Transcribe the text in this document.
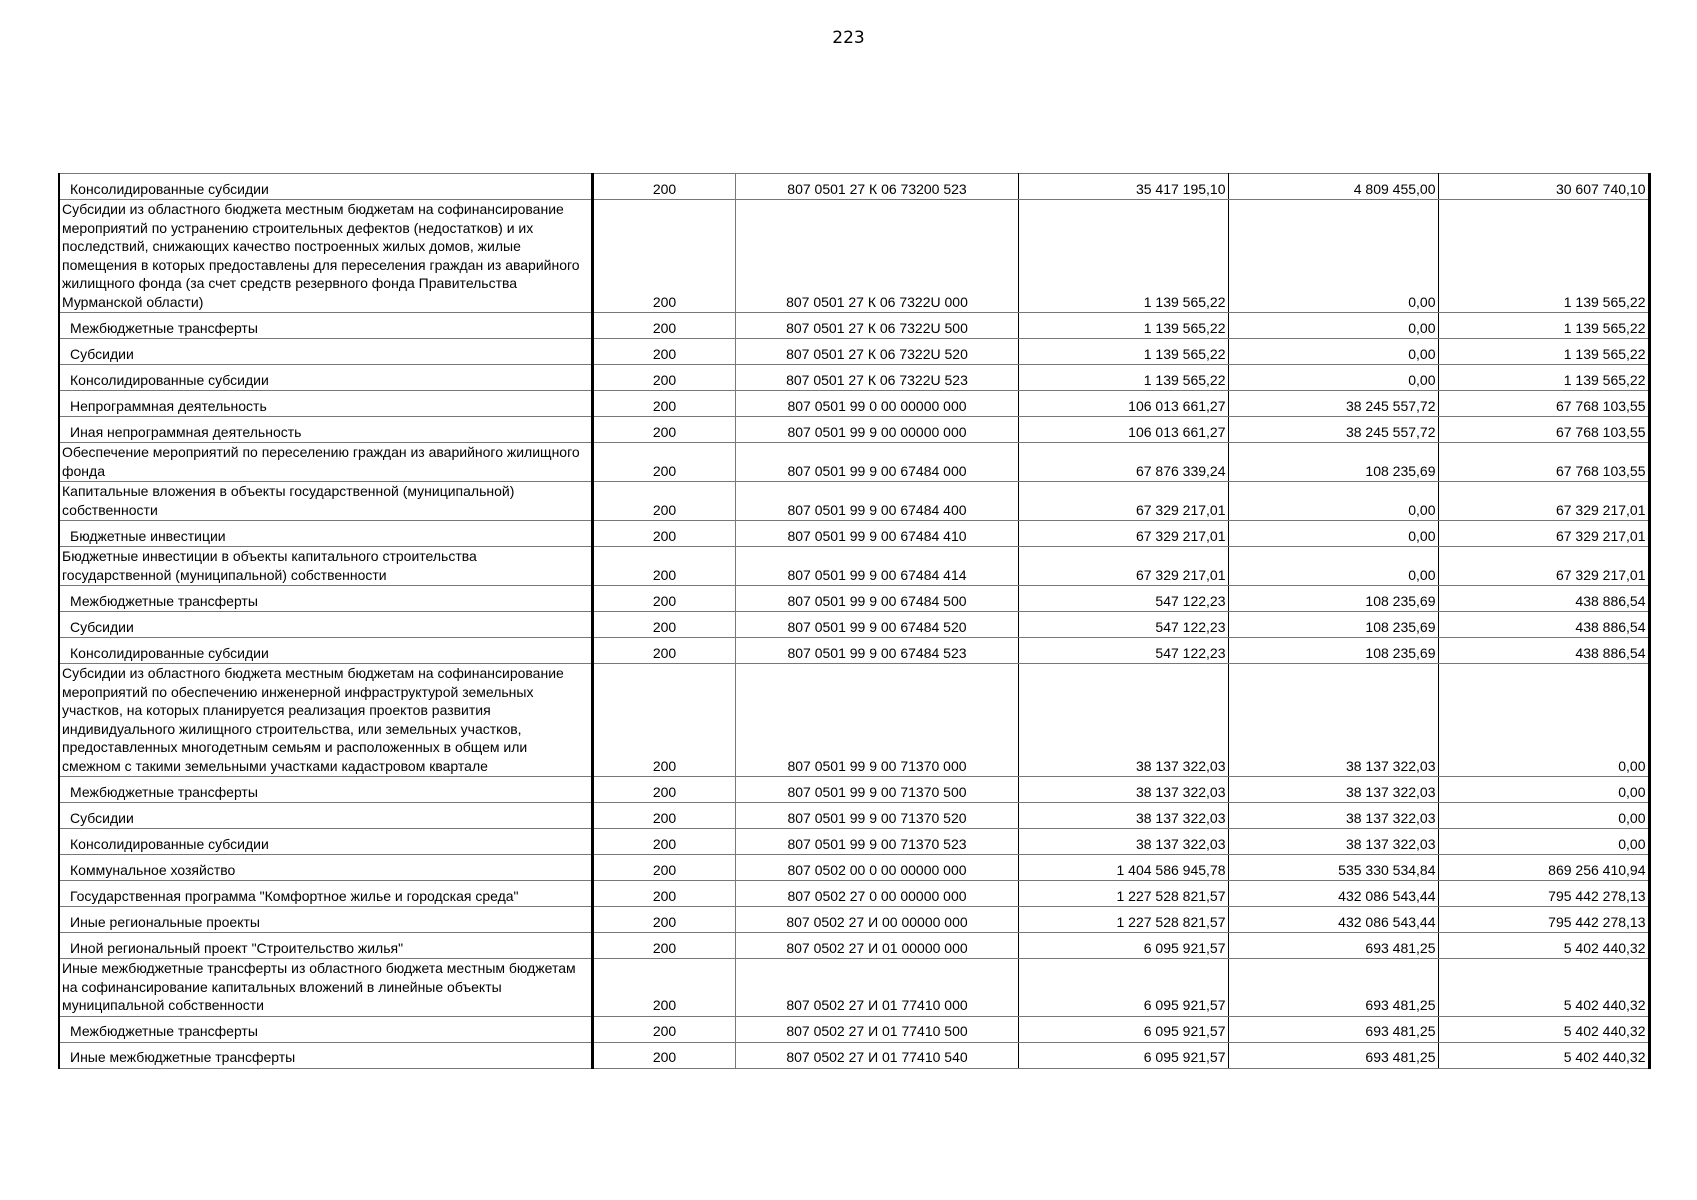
223
Консолидированные субсидии	200	807 0501 27 К 06 73200 523	35 417 195,10	4 809 455,00	30 607 740,10
Субсидии из областного бюджета местным бюджетам на софинансирование мероприятий по устранению строительных дефектов (недостатков) и их последствий, снижающих качество построенных жилых домов, жилые помещения в которых предоставлены для переселения граждан из аварийного жилищного фонда (за счет средств резервного фонда Правительства Мурманской области)	200	807 0501 27 К 06 7322U 000	1 139 565,22	0,00	1 139 565,22
Межбюджетные трансферты	200	807 0501 27 К 06 7322U 500	1 139 565,22	0,00	1 139 565,22
Субсидии	200	807 0501 27 К 06 7322U 520	1 139 565,22	0,00	1 139 565,22
Консолидированные субсидии	200	807 0501 27 К 06 7322U 523	1 139 565,22	0,00	1 139 565,22
Непрограммная деятельность	200	807 0501 99 0 00 00000 000	106 013 661,27	38 245 557,72	67 768 103,55
Иная непрограммная деятельность	200	807 0501 99 9 00 00000 000	106 013 661,27	38 245 557,72	67 768 103,55
Обеспечение мероприятий по переселению граждан из аварийного жилищного фонда	200	807 0501 99 9 00 67484 000	67 876 339,24	108 235,69	67 768 103,55
Капитальные вложения в объекты государственной (муниципальной) собственности	200	807 0501 99 9 00 67484 400	67 329 217,01	0,00	67 329 217,01
Бюджетные инвестиции	200	807 0501 99 9 00 67484 410	67 329 217,01	0,00	67 329 217,01
Бюджетные инвестиции в объекты капитального строительства государственной (муниципальной) собственности	200	807 0501 99 9 00 67484 414	67 329 217,01	0,00	67 329 217,01
Межбюджетные трансферты	200	807 0501 99 9 00 67484 500	547 122,23	108 235,69	438 886,54
Субсидии	200	807 0501 99 9 00 67484 520	547 122,23	108 235,69	438 886,54
Консолидированные субсидии	200	807 0501 99 9 00 67484 523	547 122,23	108 235,69	438 886,54
Субсидии из областного бюджета местным бюджетам на софинансирование мероприятий по обеспечению инженерной инфраструктурой земельных участков, на которых планируется реализация проектов развития индивидуального жилищного строительства, или земельных участков, предоставленных многодетным семьям и расположенных в общем или смежном с такими земельными участками кадастровом квартале	200	807 0501 99 9 00 71370 000	38 137 322,03	38 137 322,03	0,00
Межбюджетные трансферты	200	807 0501 99 9 00 71370 500	38 137 322,03	38 137 322,03	0,00
Субсидии	200	807 0501 99 9 00 71370 520	38 137 322,03	38 137 322,03	0,00
Консолидированные субсидии	200	807 0501 99 9 00 71370 523	38 137 322,03	38 137 322,03	0,00
Коммунальное хозяйство	200	807 0502 00 0 00 00000 000	1 404 586 945,78	535 330 534,84	869 256 410,94
Государственная программа "Комфортное жилье и городская среда"	200	807 0502 27 0 00 00000 000	1 227 528 821,57	432 086 543,44	795 442 278,13
Иные региональные проекты	200	807 0502 27 И 00 00000 000	1 227 528 821,57	432 086 543,44	795 442 278,13
Иной региональный проект "Строительство жилья"	200	807 0502 27 И 01 00000 000	6 095 921,57	693 481,25	5 402 440,32
Иные межбюджетные трансферты из областного бюджета местным бюджетам на софинансирование капитальных вложений в линейные объекты муниципальной собственности	200	807 0502 27 И 01 77410 000	6 095 921,57	693 481,25	5 402 440,32
Межбюджетные трансферты	200	807 0502 27 И 01 77410 500	6 095 921,57	693 481,25	5 402 440,32
Иные межбюджетные трансферты	200	807 0502 27 И 01 77410 540	6 095 921,57	693 481,25	5 402 440,32
